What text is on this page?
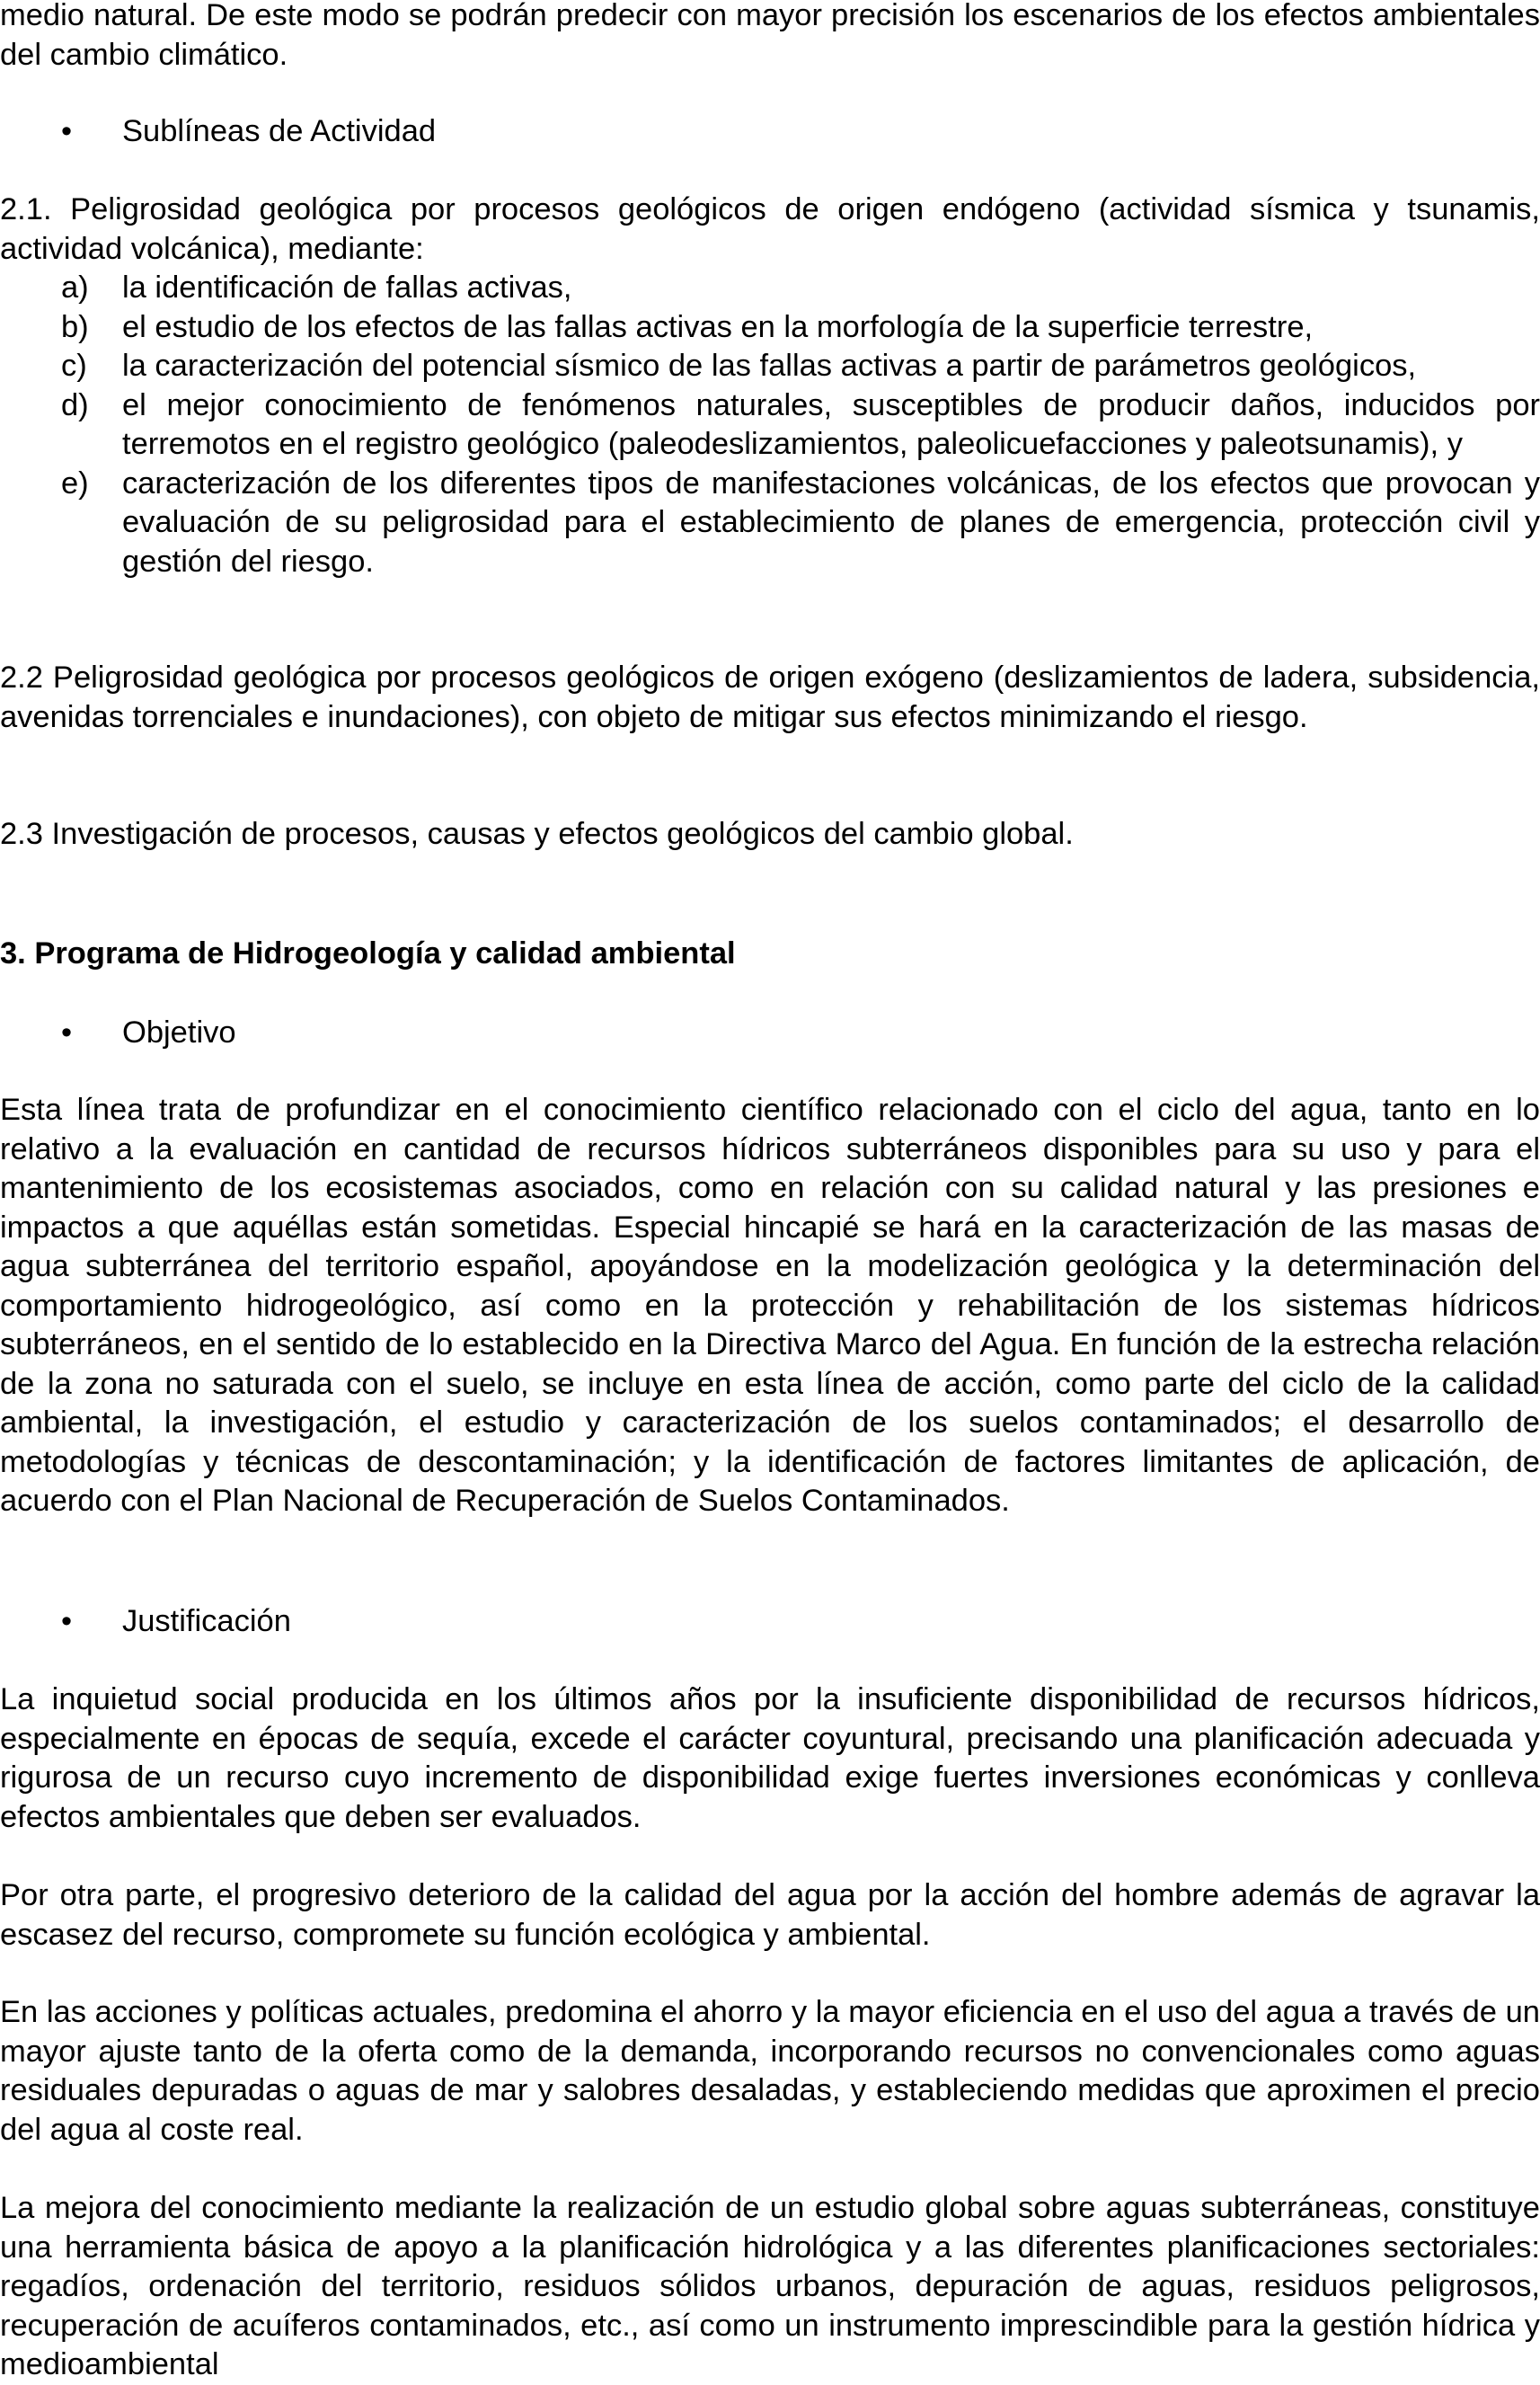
medio natural. De este modo se podrán predecir con mayor precisión los escenarios de los efectos ambientales del cambio climático.

• Sublíneas de Actividad

2.1. Peligrosidad geológica por procesos geológicos de origen endógeno (actividad sísmica y tsunamis, actividad volcánica), mediante:

a) la identificación de fallas activas,
b) el estudio de los efectos de las fallas activas en la morfología de la superficie terrestre,
c) la caracterización del potencial sísmico de las fallas activas a partir de parámetros geológicos,
d) el mejor conocimiento de fenómenos naturales, susceptibles de producir daños, inducidos por terremotos en el registro geológico (paleodeslizamientos, paleolicuefacciones y paleotsunamis), y
e) caracterización de los diferentes tipos de manifestaciones volcánicas, de los efectos que provocan y evaluación de su peligrosidad para el establecimiento de planes de emergencia, protección civil y gestión del riesgo.

2.2 Peligrosidad geológica por procesos geológicos de origen exógeno (deslizamientos de ladera, subsidencia, avenidas torrenciales e inundaciones), con objeto de mitigar sus efectos minimizando el riesgo.

2.3 Investigación de procesos, causas y efectos geológicos del cambio global.

3. Programa de Hidrogeología y calidad ambiental
• Objetivo

Esta línea trata de profundizar en el conocimiento científico relacionado con el ciclo del agua, tanto en lo relativo a la evaluación en cantidad de recursos hídricos subterráneos disponibles para su uso y para el mantenimiento de los ecosistemas asociados, como en relación con su calidad natural y las presiones e impactos a que aquéllas están sometidas. Especial hincapié se hará en la caracterización de las masas de agua subterránea del territorio español, apoyándose en la modelización geológica y la determinación del comportamiento hidrogeológico, así como en la protección y rehabilitación de los sistemas hídricos subterráneos, en el sentido de lo establecido en la Directiva Marco del Agua. En función de la estrecha relación de la zona no saturada con el suelo, se incluye en esta línea de acción, como parte del ciclo de la calidad ambiental, la investigación, el estudio y caracterización de los suelos contaminados; el desarrollo de metodologías y técnicas de descontaminación; y la identificación de factores limitantes de aplicación, de acuerdo con el Plan Nacional de Recuperación de Suelos Contaminados.

• Justificación

La inquietud social producida en los últimos años por la insuficiente disponibilidad de recursos hídricos, especialmente en épocas de sequía, excede el carácter coyuntural, precisando una planificación adecuada y rigurosa de un recurso cuyo incremento de disponibilidad exige fuertes inversiones económicas y conlleva efectos ambientales que deben ser evaluados.

Por otra parte, el progresivo deterioro de la calidad del agua por la acción del hombre además de agravar la escasez del recurso, compromete su función ecológica y ambiental.

En las acciones y políticas actuales, predomina el ahorro y la mayor eficiencia en el uso del agua a través de un mayor ajuste tanto de la oferta como de la demanda, incorporando recursos no convencionales como aguas residuales depuradas o aguas de mar y salobres desaladas, y estableciendo medidas que aproximen el precio del agua al coste real.

La mejora del conocimiento mediante la realización de un estudio global sobre aguas subterráneas, constituye una herramienta básica de apoyo a la planificación hidrológica y a las diferentes planificaciones sectoriales: regadíos, ordenación del territorio, residuos sólidos urbanos, depuración de aguas, residuos peligrosos, recuperación de acuíferos contaminados, etc., así como un instrumento imprescindible para la gestión hídrica y medioambiental
